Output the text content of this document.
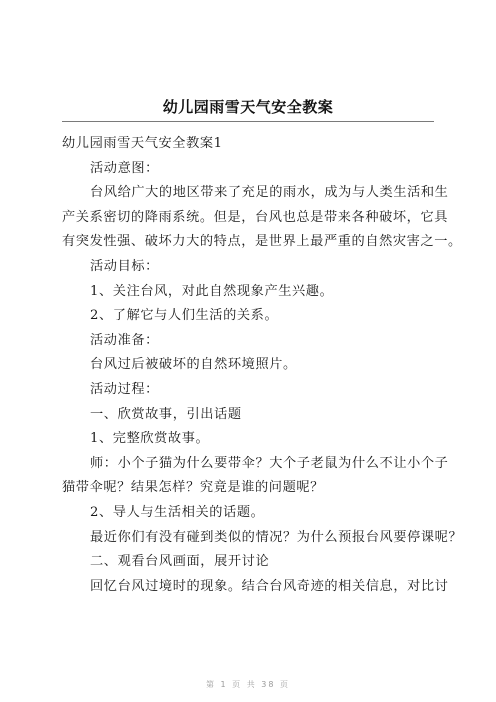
幼儿园雨雪天气安全教案

幼儿园雨雪天气安全教案1

活动意图：

台风给广大的地区带来了充足的雨水，成为与人类生活和生

产关系密切的降雨系统。但是，台风也总是带来各种破坏，它具

有突发性强、破坏力大的特点，是世界上最严重的自然灾害之一。

活动目标：

1、关注台风，对此自然现象产生兴趣。

2、了解它与人们生活的关系。

活动准备：

台风过后被破坏的自然环境照片。

活动过程：

一、欣赏故事，引出话题

1、完整欣赏故事。

师：小个子猫为什么要带伞？大个子老鼠为什么不让小个子

猫带伞呢？结果怎样？究竟是谁的问题呢？

2、导人与生活相关的话题。

最近你们有没有碰到类似的情况？为什么预报台风要停课呢？

二、观看台风画面，展开讨论

回忆台风过境时的现象。结合台风奇迹的相关信息，对比讨

第 1 页 共 38 页
